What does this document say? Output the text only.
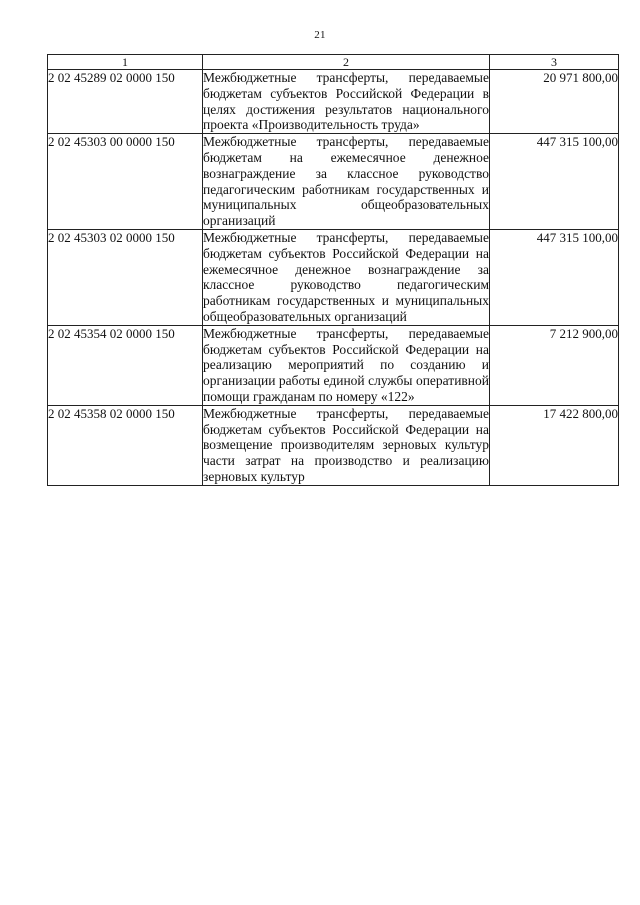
21
1	2	3
2 02 45289 02 0000 150	Межбюджетные трансферты, передаваемые бюджетам субъектов Российской Федерации в целях достижения результатов национального проекта «Производительность труда»	20 971 800,00
2 02 45303 00 0000 150	Межбюджетные трансферты, передаваемые бюджетам на ежемесячное денежное вознаграждение за классное руководство педагогическим работникам государственных и муниципальных общеобразовательных организаций	447 315 100,00
2 02 45303 02 0000 150	Межбюджетные трансферты, передаваемые бюджетам субъектов Российской Федерации на ежемесячное денежное вознаграждение за классное руководство педагогическим работникам государственных и муниципальных общеобразовательных организаций	447 315 100,00
2 02 45354 02 0000 150	Межбюджетные трансферты, передаваемые бюджетам субъектов Российской Федерации на реализацию мероприятий по созданию и организации работы единой службы оперативной помощи гражданам по номеру «122»	7 212 900,00
2 02 45358 02 0000 150	Межбюджетные трансферты, передаваемые бюджетам субъектов Российской Федерации на возмещение производителям зерновых культур части затрат на производство и реализацию зерновых культур	17 422 800,00
